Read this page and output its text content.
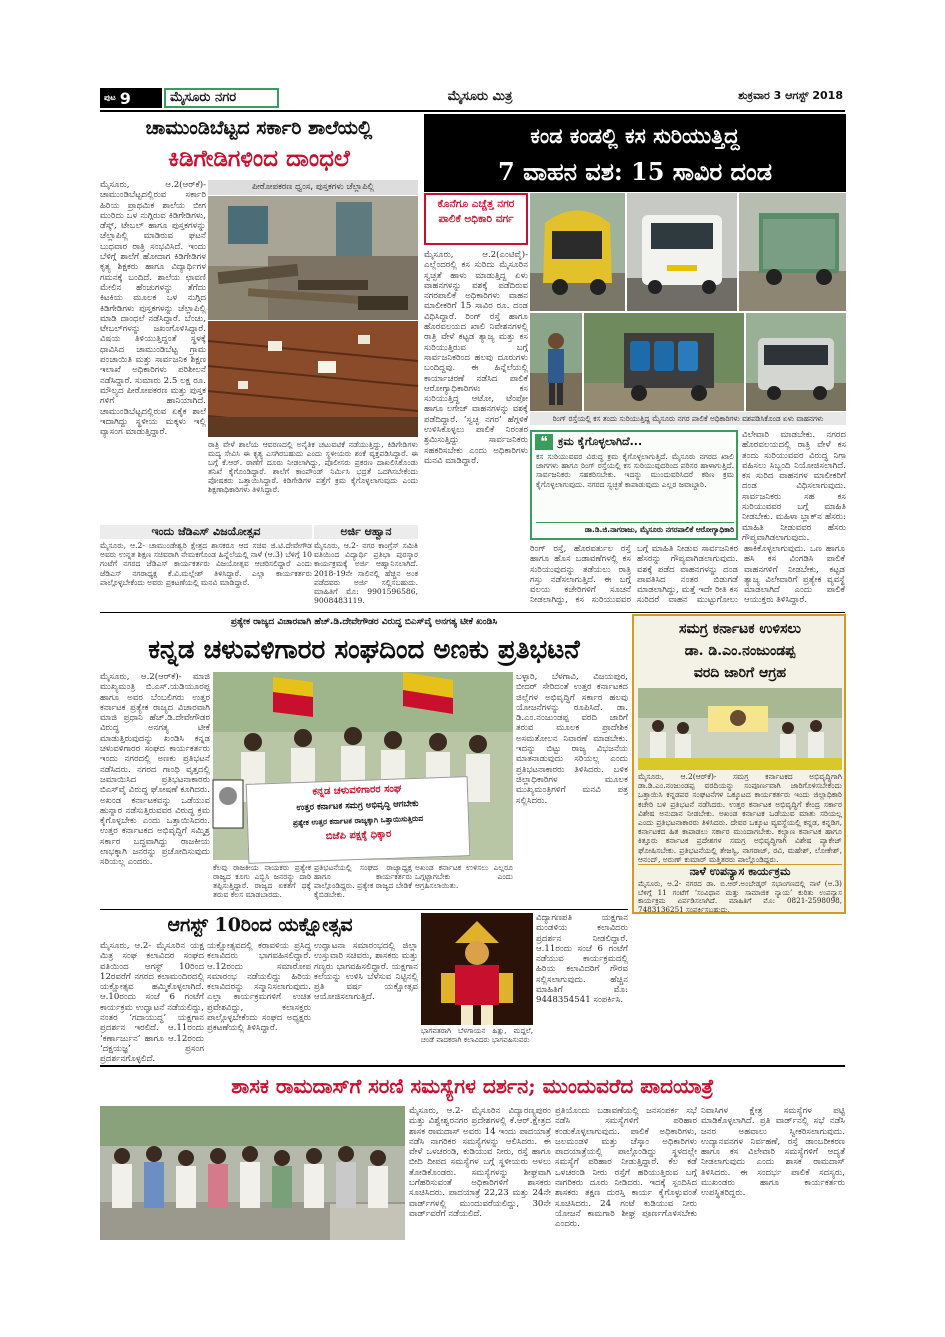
ಪುಟ 9	ಮೈಸೂರು ನಗರ	ಮೈಸೂರು ಮಿತ್ರ	ಶುಕ್ರವಾರ 3 ಆಗಸ್ಟ್ 2018
ಚಾಮುಂಡಿಬೆಟ್ಟದ ಸರ್ಕಾರಿ ಶಾಲೆಯಲ್ಲಿ
ಕಿಡಿಗೇಡಿಗಳಿಂದ ದಾಂಧಲೆ
ಮೈಸೂರು, ಆ.2(ಆರ್‌ಕೆ)- ಚಾಮುಂಡಿಬೆಟ್ಟದಲ್ಲಿರುವ ಸರ್ಕಾರಿ ಹಿರಿಯ ಪ್ರಾಥಮಿಕ ಶಾಲೆಯ ಬೀಗ ಮುರಿದು ಒಳ ನುಗ್ಗಿರುವ ಕಿಡಿಗೇಡಿಗಳು, ಡೆಸ್ಕ್‌, ಟೇಬಲ್ ಹಾಗೂ ಪುಸ್ತಕಗಳನ್ನು ಚೆಲ್ಲಾಪಿಲ್ಲಿ ಮಾಡಿರುವ ಘಟನೆ ಬುಧವಾರ ರಾತ್ರಿ ಸಂಭವಿಸಿದೆ. ಇಂದು ಬೆಳಿಗ್ಗೆ ಶಾಲೆಗೆ ಹೋದಾಗ ಕಿಡಿಗೇಡಿಗಳ ಕೃತ್ಯ ಶಿಕ್ಷಕರು ಹಾಗೂ ವಿದ್ಯಾರ್ಥಿಗಳ ಗಮನಕ್ಕೆ ಬಂದಿದೆ. ಶಾಲೆಯ ಛಾವಣಿ ಮೇಲಿನ ಹೆಂಚುಗಳನ್ನು ತೆಗೆದು ಕಿಟಕಿಯ ಮೂಲಕ ಒಳ ನುಗ್ಗಿದ ಕಿಡಿಗೇಡಿಗಳು ಪುಸ್ತಕಗಳನ್ನು ಚೆಲ್ಲಾಪಿಲ್ಲಿ ಮಾಡಿ ದಾಂಧಲೆ ನಡೆಸಿದ್ದಾರೆ. ಬೆಂಚು, ಟೇಬಲ್‌ಗಳನ್ನು ಜಖಂಗೊಳಿಸಿದ್ದಾರೆ. ವಿಷಯ ತಿಳಿಯುತ್ತಿದ್ದಂತೆ ಸ್ಥಳಕ್ಕೆ ಧಾವಿಸಿದ ಚಾಮುಂಡಿಬೆಟ್ಟ ಗ್ರಾಮ ಪಂಚಾಯಿತಿ ಮತ್ತು ಸಾರ್ವಜನಿಕ ಶಿಕ್ಷಣ ಇಲಾಖೆ ಅಧಿಕಾರಿಗಳು ಪರಿಶೀಲನೆ ನಡೆಸಿದ್ದಾರೆ. ಸುಮಾರು 2.5 ಲಕ್ಷ ರೂ. ಮೌಲ್ಯದ ಪೀಠೋಪಕರಣ ಮತ್ತು ಪುಸ್ತಕ ಗಳಿಗೆ ಹಾನಿಯಾಗಿದೆ. ಚಾಮುಂಡಿಬೆಟ್ಟದಲ್ಲಿರುವ ಏಕೈಕ ಶಾಲೆ ಇದಾಗಿದ್ದು ಸ್ಥಳೀಯ ಮಕ್ಕಳು ಇಲ್ಲಿ ವ್ಯಾಸಂಗ ಮಾಡುತ್ತಿದ್ದಾರೆ.
ಪೀಠೋಪಕರಣ ಧ್ವಂಸ, ಪುಸ್ತಕಗಳು ಚೆಲ್ಲಾಪಿಲ್ಲಿ
ರಾತ್ರಿ ವೇಳೆ ಶಾಲೆಯ ಆವರಣದಲ್ಲಿ ಅನೈತಿಕ ಚಟುವಟಿಕೆ ನಡೆಯುತ್ತಿದ್ದು, ಕಿಡಿಗೇಡಿಗಳು ಮದ್ಯ ಸೇವಿಸಿ ಈ ಕೃತ್ಯ ಎಸಗಿರಬಹುದು ಎಂದು ಸ್ಥಳೀಯರು ಶಂಕೆ ವ್ಯಕ್ತಪಡಿಸಿದ್ದಾರೆ. ಈ ಬಗ್ಗೆ ಕೆ.ಆರ್. ಠಾಣೆಗೆ ದೂರು ನೀಡಲಾಗಿದ್ದು, ಪೊಲೀಸರು ಪ್ರಕರಣ ದಾಖಲಿಸಿಕೊಂಡು ತನಿಖೆ ಕೈಗೊಂಡಿದ್ದಾರೆ. ಶಾಲೆಗೆ ಕಾಂಪೌಂಡ್ ನಿರ್ಮಿಸಿ ಭದ್ರತೆ ಒದಗಿಸಬೇಕೆಂದು ಪೋಷಕರು ಒತ್ತಾಯಿಸಿದ್ದಾರೆ. ಕಿಡಿಗೇಡಿಗಳ ಪತ್ತೆಗೆ ಕ್ರಮ ಕೈಗೊಳ್ಳಲಾಗುವುದು ಎಂದು ಶಿಕ್ಷಣಾಧಿಕಾರಿಗಳು ತಿಳಿಸಿದ್ದಾರೆ.
ಕಂಡ ಕಂಡಲ್ಲಿ ಕಸ ಸುರಿಯುತ್ತಿದ್ದ
7 ವಾಹನ ವಶ: 15 ಸಾವಿರ ದಂಡ
ಕೊನೆಗೂ ಎಚ್ಚೆತ್ತ ನಗರ ಪಾಲಿಕೆ ಅಧಿಕಾರಿ ವರ್ಗ
ಮೈಸೂರು, ಆ.2(ಎಂಟಿವೈ)- ಎಲ್ಲೆಂದರಲ್ಲಿ ಕಸ ಸುರಿದು ಮೈಸೂರಿನ ಸ್ವಚ್ಛತೆ ಹಾಳು ಮಾಡುತ್ತಿದ್ದ ಏಳು ವಾಹನಗಳನ್ನು ವಶಕ್ಕೆ ಪಡೆದಿರುವ ನಗರಪಾಲಿಕೆ ಅಧಿಕಾರಿಗಳು ವಾಹನ ಮಾಲೀಕರಿಗೆ 15 ಸಾವಿರ ರೂ. ದಂಡ ವಿಧಿಸಿದ್ದಾರೆ. ರಿಂಗ್ ರಸ್ತೆ ಹಾಗೂ ಹೊರವಲಯದ ಖಾಲಿ ನಿವೇಶನಗಳಲ್ಲಿ ರಾತ್ರಿ ವೇಳೆ ಕಟ್ಟಡ ತ್ಯಾಜ್ಯ ಮತ್ತು ಕಸ ಸುರಿಯುತ್ತಿರುವ ಬಗ್ಗೆ ಸಾರ್ವಜನಿಕರಿಂದ ಹಲವು ದೂರುಗಳು ಬಂದಿದ್ದವು. ಈ ಹಿನ್ನೆಲೆಯಲ್ಲಿ ಕಾರ್ಯಾಚರಣೆ ನಡೆಸಿದ ಪಾಲಿಕೆ ಆರೋಗ್ಯಾಧಿಕಾರಿಗಳು ಕಸ ಸುರಿಯುತ್ತಿದ್ದ ಆಟೋ, ಟೆಂಪೋ ಹಾಗೂ ಲಗೇಜ್ ವಾಹನಗಳನ್ನು ವಶಕ್ಕೆ ಪಡೆದಿದ್ದಾರೆ. ‘ಸ್ವಚ್ಛ ನಗರ’ ಹೆಗ್ಗಳಿಕೆ ಉಳಿಸಿಕೊಳ್ಳಲು ಪಾಲಿಕೆ ನಿರಂತರ ಶ್ರಮಿಸುತ್ತಿದ್ದು ಸಾರ್ವಜನಿಕರು ಸಹಕರಿಸಬೇಕು ಎಂದು ಅಧಿಕಾರಿಗಳು ಮನವಿ ಮಾಡಿದ್ದಾರೆ.
ರಿಂಗ್ ರಸ್ತೆಯಲ್ಲಿ ಕಸ ತಂದು ಸುರಿಯುತ್ತಿದ್ದ ಮೈಸೂರು ನಗರ ಪಾಲಿಕೆ ಅಧಿಕಾರಿಗಳು ವಶಪಡಿಸಿಕೊಂಡ ಏಳು ವಾಹನಗಳು
❝ ಕ್ರಮ ಕೈಗೊಳ್ಳಲಾಗಿದೆ...
ಕಸ ಸುರಿಯುವವರ ವಿರುದ್ಧ ಕ್ರಮ ಕೈಗೊಳ್ಳಲಾಗುತ್ತಿದೆ. ಮೈಸೂರು ನಗರದ ಖಾಲಿ ಜಾಗಗಳು ಹಾಗೂ ರಿಂಗ್ ರಸ್ತೆಯಲ್ಲಿ ಕಸ ಸುರಿಯುವುದರಿಂದ ಪರಿಸರ ಹಾಳಾಗುತ್ತಿದೆ. ಸಾರ್ವಜನಿಕರು ಸಹಕರಿಸಬೇಕು. ಇದನ್ನು ಮುಂದುವರಿಸಿದರೆ ಕಠಿಣ ಕ್ರಮ ಕೈಗೊಳ್ಳಲಾಗುವುದು. ನಗರದ ಸ್ವಚ್ಛತೆ ಕಾಪಾಡುವುದು ಎಲ್ಲರ ಜವಾಬ್ದಾರಿ.
ಡಾ.ಡಿ.ಜಿ.ನಾಗರಾಜು, ಮೈಸೂರು ನಗರಪಾಲಿಕೆ ಆರೋಗ್ಯಾಧಿಕಾರಿ
ವಿಲೇವಾರಿ ಮಾಡಬೇಕು. ನಗರದ ಹೊರವಲಯದಲ್ಲಿ ರಾತ್ರಿ ವೇಳೆ ಕಸ ತಂದು ಸುರಿಯುವವರ ವಿರುದ್ಧ ನಿಗಾ ವಹಿಸಲು ಸಿಬ್ಬಂದಿ ನಿಯೋಜಿಸಲಾಗಿದೆ. ಕಸ ಸುರಿದ ವಾಹನಗಳ ಮಾಲೀಕರಿಗೆ ದಂಡ ವಿಧಿಸಲಾಗುವುದು. ಸಾರ್ವಜನಿಕರು ಸಹ ಕಸ ಸುರಿಯುವವರ ಬಗ್ಗೆ ಮಾಹಿತಿ ನೀಡಬೇಕು. ಮಹಿಳಾ ಬ್ಲಾಕ್‌ನ ಹೆಸರು: ಮಾಹಿತಿ ನೀಡುವವರ ಹೆಸರು ಗೌಪ್ಯವಾಗಿಡಲಾಗುವುದು.
ರಿಂಗ್ ರಸ್ತೆ, ಹೊರವರ್ತುಲ ರಸ್ತೆ ಹಾಗೂ ಹೊಸ ಬಡಾವಣೆಗಳಲ್ಲಿ ಕಸ ಸುರಿಯುವುದನ್ನು ತಡೆಯಲು ರಾತ್ರಿ ಗಸ್ತು ನಡೆಸಲಾಗುತ್ತಿದೆ. ಈ ಬಗ್ಗೆ ವಲಯ ಕಚೇರಿಗಳಿಗೆ ಸೂಚನೆ ನೀಡಲಾಗಿದ್ದು, ಕಸ ಸುರಿಯುವವರ ಬಗ್ಗೆ ಮಾಹಿತಿ ನೀಡುವ ಸಾರ್ವಜನಿಕರ ಹೆಸರನ್ನು ಗೌಪ್ಯವಾಗಿಡಲಾಗುವುದು. ವಶಕ್ಕೆ ಪಡೆದ ವಾಹನಗಳನ್ನು ದಂಡ ಪಾವತಿಸಿದ ನಂತರ ಬಿಡುಗಡೆ ಮಾಡಲಾಗಿದ್ದು, ಮತ್ತೆ ಇದೇ ರೀತಿ ಕಸ ಸುರಿದರೆ ವಾಹನ ಮುಟ್ಟುಗೋಲು ಹಾಕಿಕೊಳ್ಳಲಾಗುವುದು. ಒಣ ಹಾಗೂ ಹಸಿ ಕಸ ವಿಂಗಡಿಸಿ ಪಾಲಿಕೆ ವಾಹನಗಳಿಗೆ ನೀಡಬೇಕು, ಕಟ್ಟಡ ತ್ಯಾಜ್ಯ ವಿಲೇವಾರಿಗೆ ಪ್ರತ್ಯೇಕ ವ್ಯವಸ್ಥೆ ಮಾಡಲಾಗಿದೆ ಎಂದು ಪಾಲಿಕೆ ಆಯುಕ್ತರು ತಿಳಿಸಿದ್ದಾರೆ.
ಇಂದು ಜೆಡಿಎಸ್ ವಿಜಯೋತ್ಸವ
ಮೈಸೂರು, ಆ.2- ಚಾಮುಂಡೇಶ್ವರಿ ಕ್ಷೇತ್ರದ ಶಾಸಕರೂ ಆದ ಸಚಿವ ಜಿ.ಟಿ.ದೇವೇಗೌಡ ಅವರು ಉನ್ನತ ಶಿಕ್ಷಣ ಸಚಿವರಾಗಿ ನೇಮಕಗೊಂಡ ಹಿನ್ನೆಲೆಯಲ್ಲಿ ನಾಳೆ (ಆ.3) ಬೆಳಿಗ್ಗೆ 10 ಗಂಟೆಗೆ ನಗರದ ಜೆಡಿಎಸ್ ಕಾರ್ಯಕರ್ತರು ವಿಜಯೋತ್ಸವ ಆಚರಿಸಲಿದ್ದಾರೆ ಎಂದು ಜೆಡಿಎಸ್ ನಗರಾಧ್ಯಕ್ಷ ಕೆ.ವಿ.ಮಲ್ಲೇಶ್ ತಿಳಿಸಿದ್ದಾರೆ. ಎಲ್ಲಾ ಕಾರ್ಯಕರ್ತರು ಪಾಲ್ಗೊಳ್ಳಬೇಕೆಂದು ಅವರು ಪ್ರಕಟಣೆಯಲ್ಲಿ ಮನವಿ ಮಾಡಿದ್ದಾರೆ.
ಅರ್ಜಿ ಆಹ್ವಾನ
ಮೈಸೂರು, ಆ.2- ನಗರ ಕಾಂಗ್ರೆಸ್ ಸಮಿತಿ ವತಿಯಿಂದ ವಿದ್ಯಾರ್ಥಿ ಪ್ರತಿಭಾ ಪುರಸ್ಕಾರ ಕಾರ್ಯಕ್ರಮಕ್ಕೆ ಅರ್ಜಿ ಆಹ್ವಾನಿಸಲಾಗಿದೆ. 2018-19ನೇ ಸಾಲಿನಲ್ಲಿ ಹೆಚ್ಚಿನ ಅಂಕ ಪಡೆದವರು ಅರ್ಜಿ ಸಲ್ಲಿಸಬಹುದು. ಮಾಹಿತಿಗೆ ಮೊ: 9901596586, 9008483119.
ಪ್ರತ್ಯೇಕ ರಾಜ್ಯದ ವಿಚಾರವಾಗಿ ಹೆಚ್.ಡಿ.ದೇವೇಗೌಡರ ವಿರುದ್ಧ ಬಿಎಸ್‌ವೈ ಅನಗತ್ಯ ಟೀಕೆ ಖಂಡಿಸಿ
ಕನ್ನಡ ಚಳುವಳಿಗಾರರ ಸಂಘದಿಂದ ಅಣಕು ಪ್ರತಿಭಟನೆ
ಮೈಸೂರು, ಆ.2(ಆರ್‌ಕೆ)- ಮಾಜಿ ಮುಖ್ಯಮಂತ್ರಿ ಬಿ.ಎಸ್.ಯಡಿಯೂರಪ್ಪ ಹಾಗೂ ಅವರ ಬೆಂಬಲಿಗರು ಉತ್ತರ ಕರ್ನಾಟಕ ಪ್ರತ್ಯೇಕ ರಾಜ್ಯದ ವಿಚಾರವಾಗಿ ಮಾಜಿ ಪ್ರಧಾನಿ ಹೆಚ್.ಡಿ.ದೇವೇಗೌಡರ ವಿರುದ್ಧ ಅನಗತ್ಯ ಟೀಕೆ ಮಾಡುತ್ತಿರುವುದನ್ನು ಖಂಡಿಸಿ ಕನ್ನಡ ಚಳುವಳಿಗಾರರ ಸಂಘದ ಕಾರ್ಯಕರ್ತರು ಇಂದು ನಗರದಲ್ಲಿ ಅಣಕು ಪ್ರತಿಭಟನೆ ನಡೆಸಿದರು. ನಗರದ ಗಾಂಧಿ ವೃತ್ತದಲ್ಲಿ ಜಮಾಯಿಸಿದ ಪ್ರತಿಭಟನಾಕಾರರು ಬಿಎಸ್‌ವೈ ವಿರುದ್ಧ ಘೋಷಣೆ ಕೂಗಿದರು. ಅಖಂಡ ಕರ್ನಾಟಕವನ್ನು ಒಡೆಯುವ ಹುನ್ನಾರ ನಡೆಸುತ್ತಿರುವವರ ವಿರುದ್ಧ ಕ್ರಮ ಕೈಗೊಳ್ಳಬೇಕು ಎಂದು ಒತ್ತಾಯಿಸಿದರು. ಉತ್ತರ ಕರ್ನಾಟಕದ ಅಭಿವೃದ್ಧಿಗೆ ಸಮ್ಮಿಶ್ರ ಸರ್ಕಾರ ಬದ್ಧವಾಗಿದ್ದು ರಾಜಕೀಯ ಲಾಭಕ್ಕಾಗಿ ಜನರನ್ನು ಪ್ರಚೋದಿಸುವುದು ಸರಿಯಲ್ಲ ಎಂದರು.
ಕನ್ನಡ ಚಳುವಳಿಗಾರರ ಸಂಘ
ಉತ್ತರ ಕರ್ನಾಟಕ ಸಮಗ್ರ ಅಭಿವೃದ್ಧಿ ಆಗಬೇಕು
ಪ್ರತ್ಯೇಕ ಉತ್ತರ ಕರ್ನಾಟಕ ರಾಜ್ಯಕ್ಕಾಗಿ ಒತ್ತಾಯಿಸುತ್ತಿರುವ
ಬಿಜೆಪಿ ಪಕ್ಷಕ್ಕೆ ಧಿಕ್ಕಾರ
ಕೆಲವು ರಾಜಕೀಯ ನಾಯಕರು ಪ್ರತ್ಯೇಕ ರಾಜ್ಯದ ಕೂಗು ಎಬ್ಬಿಸಿ ಜನರನ್ನು ದಾರಿ ತಪ್ಪಿಸುತ್ತಿದ್ದಾರೆ. ರಾಜ್ಯದ ಏಕತೆಗೆ ಧಕ್ಕೆ ತರುವ ಕೆಲಸ ಮಾಡಬಾರದು.
ಪ್ರತಿಭಟನೆಯಲ್ಲಿ ಸಂಘದ ರಾಜ್ಯಾಧ್ಯಕ್ಷ ಹಾಗೂ ಕಾರ್ಯಕರ್ತರು ಪಾಲ್ಗೊಂಡಿದ್ದರು. ಪ್ರತ್ಯೇಕ ರಾಜ್ಯದ ಬೇಡಿಕೆ ಕೈಬಿಡಬೇಕು.
ಅಖಂಡ ಕರ್ನಾಟಕ ಉಳಿಸಲು ಎಲ್ಲರೂ ಒಗ್ಗಟ್ಟಾಗಬೇಕು ಎಂದು ಆಗ್ರಹಿಸಲಾಯಿತು.
ಬಳ್ಳಾರಿ, ಬೆಳಗಾವಿ, ವಿಜಯಪುರ, ಬೀದರ್ ಸೇರಿದಂತೆ ಉತ್ತರ ಕರ್ನಾಟಕದ ಜಿಲ್ಲೆಗಳ ಅಭಿವೃದ್ಧಿಗೆ ಸರ್ಕಾರ ಹಲವು ಯೋಜನೆಗಳನ್ನು ರೂಪಿಸಿದೆ. ಡಾ. ಡಿ.ಎಂ.ನಂಜುಂಡಪ್ಪ ವರದಿ ಜಾರಿಗೆ ತರುವ ಮೂಲಕ ಪ್ರಾದೇಶಿಕ ಅಸಮತೋಲನ ನಿವಾರಣೆ ಮಾಡಬೇಕು. ಇದನ್ನು ಬಿಟ್ಟು ರಾಜ್ಯ ವಿಭಜನೆಯ ಮಾತನಾಡುವುದು ಸರಿಯಲ್ಲ ಎಂದು ಪ್ರತಿಭಟನಾಕಾರರು ತಿಳಿಸಿದರು. ಬಳಿಕ ಜಿಲ್ಲಾಧಿಕಾರಿಗಳ ಮೂಲಕ ಮುಖ್ಯಮಂತ್ರಿಗಳಿಗೆ ಮನವಿ ಪತ್ರ ಸಲ್ಲಿಸಿದರು.
ಸಮಗ್ರ ಕರ್ನಾಟಕ ಉಳಿಸಲು
ಡಾ. ಡಿ.ಎಂ.ನಂಜುಂಡಪ್ಪ
ವರದಿ ಜಾರಿಗೆ ಆಗ್ರಹ
ಮೈಸೂರು, ಆ.2(ಆರ್‌ಕೆ)- ಸಮಗ್ರ ಕರ್ನಾಟಕದ ಅಭಿವೃದ್ಧಿಗಾಗಿ ಡಾ.ಡಿ.ಎಂ.ನಂಜುಂಡಪ್ಪ ವರದಿಯನ್ನು ಸಂಪೂರ್ಣವಾಗಿ ಜಾರಿಗೊಳಿಸಬೇಕೆಂದು ಒತ್ತಾಯಿಸಿ ಕನ್ನಡಪರ ಸಂಘಟನೆಗಳ ಒಕ್ಕೂಟದ ಕಾರ್ಯಕರ್ತರು ಇಂದು ಜಿಲ್ಲಾಧಿಕಾರಿ ಕಚೇರಿ ಬಳಿ ಪ್ರತಿಭಟನೆ ನಡೆಸಿದರು. ಉತ್ತರ ಕರ್ನಾಟಕ ಅಭಿವೃದ್ಧಿಗೆ ಕೇಂದ್ರ ಸರ್ಕಾರ ವಿಶೇಷ ಅನುದಾನ ನೀಡಬೇಕು. ಅಖಂಡ ಕರ್ನಾಟಕ ಒಡೆಯುವ ಮಾತು ಸರಿಯಲ್ಲ ಎಂದು ಪ್ರತಿಭಟನಾಕಾರರು ತಿಳಿಸಿದರು. ದೇವರ ಒಕ್ಕೂಟ ವ್ಯವಸ್ಥೆಯಲ್ಲಿ ಕನ್ನಡ, ಕನ್ನಡಿಗ, ಕರ್ನಾಟಕದ ಹಿತ ಕಾಪಾಡಲು ಸರ್ಕಾರ ಮುಂದಾಗಬೇಕು. ಕಲ್ಯಾಣ ಕರ್ನಾಟಕ ಹಾಗೂ ಕಿತ್ತೂರು ಕರ್ನಾಟಕ ಪ್ರದೇಶಗಳ ಸಮಗ್ರ ಅಭಿವೃದ್ಧಿಗಾಗಿ ವಿಶೇಷ ಪ್ಯಾಕೇಜ್ ಘೋಷಿಸಬೇಕು. ಪ್ರತಿಭಟನೆಯಲ್ಲಿ ತೇಜಸ್ವಿ, ನಾಗರಾಜ್, ರವಿ, ಮಹೇಶ್, ಲೋಕೇಶ್, ಆನಂದ್, ಅರುಣ್ ಕುಮಾರ್ ಮತ್ತಿತರರು ಪಾಲ್ಗೊಂಡಿದ್ದರು.
ನಾಳೆ ಉಪನ್ಯಾಸ ಕಾರ್ಯಕ್ರಮ
ಮೈಸೂರು, ಆ.2- ನಗರದ ಡಾ. ಬಿ.ಆರ್.ಅಂಬೇಡ್ಕರ್ ಸಭಾಂಗಣದಲ್ಲಿ ನಾಳೆ (ಆ.3) ಬೆಳಿಗ್ಗೆ 11 ಗಂಟೆಗೆ ‘ಸಂವಿಧಾನ ಮತ್ತು ಸಾಮಾಜಿಕ ನ್ಯಾಯ’ ಕುರಿತು ಉಪನ್ಯಾಸ ಕಾರ್ಯಕ್ರಮ ಏರ್ಪಡಿಸಲಾಗಿದೆ. ಮಾಹಿತಿಗೆ ಮೊ: 0821-2598098, 7483136251 ಸಂಪರ್ಕಿಸಬಹುದು.
ಆಗಸ್ಟ್ 10ರಿಂದ ಯಕ್ಷೋತ್ಸವ
ಮೈಸೂರು, ಆ.2- ಮೈಸೂರಿನ ಯಕ್ಷ ಮಿತ್ರ ಸಂಘ ಕಲಾವಿದರ ಸಂಘದ ವತಿಯಿಂದ ಆಗಸ್ಟ್ 10ರಿಂದ 12ರವರೆಗೆ ನಗರದ ಕಲಾಮಂದಿರದಲ್ಲಿ ಯಕ್ಷೋತ್ಸವ ಹಮ್ಮಿಕೊಳ್ಳಲಾಗಿದೆ. ಆ.10ರಂದು ಸಂಜೆ 6 ಗಂಟೆಗೆ ಕಾರ್ಯಕ್ರಮ ಉದ್ಘಾಟನೆ ನಡೆಯಲಿದ್ದು, ನಂತರ ‘ಗದಾಯುದ್ಧ’ ಯಕ್ಷಗಾನ ಪ್ರದರ್ಶನ ಇರಲಿದೆ. ಆ.11ರಂದು ‘ಕರ್ಣಾರ್ಜುನ’ ಹಾಗೂ ಆ.12ರಂದು ‘ದಕ್ಷಯಜ್ಞ’ ಪ್ರಸಂಗ ಪ್ರದರ್ಶನಗೊಳ್ಳಲಿದೆ.
ಯಕ್ಷೋತ್ಸವದಲ್ಲಿ ಕರಾವಳಿಯ ಪ್ರಸಿದ್ಧ ಕಲಾವಿದರು ಭಾಗವಹಿಸಲಿದ್ದಾರೆ. ಆ.12ರಂದು ಸಮಾರೋಪ ಸಮಾರಂಭ ನಡೆಯಲಿದ್ದು ಹಿರಿಯ ಕಲಾವಿದರನ್ನು ಸನ್ಮಾನಿಸಲಾಗುವುದು. ಎಲ್ಲಾ ಕಾರ್ಯಕ್ರಮಗಳಿಗೆ ಉಚಿತ ಪ್ರವೇಶವಿದ್ದು, ಕಲಾಸಕ್ತರು ಪಾಲ್ಗೊಳ್ಳಬೇಕೆಂದು ಸಂಘದ ಅಧ್ಯಕ್ಷರು ಪ್ರಕಟಣೆಯಲ್ಲಿ ತಿಳಿಸಿದ್ದಾರೆ.
ಉದ್ಘಾಟನಾ ಸಮಾರಂಭದಲ್ಲಿ ಜಿಲ್ಲಾ ಉಸ್ತುವಾರಿ ಸಚಿವರು, ಶಾಸಕರು ಮತ್ತು ಗಣ್ಯರು ಭಾಗವಹಿಸಲಿದ್ದಾರೆ. ಯಕ್ಷಗಾನ ಕಲೆಯನ್ನು ಉಳಿಸಿ ಬೆಳೆಸುವ ನಿಟ್ಟಿನಲ್ಲಿ ಪ್ರತಿ ವರ್ಷ ಯಕ್ಷೋತ್ಸವ ಆಯೋಜಿಸಲಾಗುತ್ತಿದೆ.
ಭಾಗವತರಾಗಿ ಬೆಳಗಾಯನ ಹಿತ್ಲು, ಮದ್ದಲೆ, ಚಂಡೆ ವಾದಕರಾಗಿ ಕಲಾವಿದರು ಭಾಗವಹಿಸುವರು
ವಿದ್ಯಾಗಣಪತಿ ಯಕ್ಷಗಾನ ಮಂಡಳಿಯ ಕಲಾವಿದರು ಪ್ರದರ್ಶನ ನೀಡಲಿದ್ದಾರೆ. ಆ.11ರಂದು ಸಂಜೆ 6 ಗಂಟೆಗೆ ನಡೆಯುವ ಕಾರ್ಯಕ್ರಮದಲ್ಲಿ ಹಿರಿಯ ಕಲಾವಿದರಿಗೆ ಗೌರವ ಸಲ್ಲಿಸಲಾಗುವುದು. ಹೆಚ್ಚಿನ ಮಾಹಿತಿಗೆ ಮೊ: 9448354541 ಸಂಪರ್ಕಿಸಿ.
ಶಾಸಕ ರಾಮದಾಸ್‌ಗೆ ಸರಣಿ ಸಮಸ್ಯೆಗಳ ದರ್ಶನ; ಮುಂದುವರೆದ ಪಾದಯಾತ್ರೆ
ಮೈಸೂರು, ಆ.2- ಮೈಸೂರಿನ ವಿದ್ಯಾರಣ್ಯಪುರಂ ಮತ್ತು ವಿಶ್ವೇಶ್ವರನಗರ ಪ್ರದೇಶಗಳಲ್ಲಿ ಕೆ.ಆರ್.ಕ್ಷೇತ್ರದ ಶಾಸಕ ರಾಮದಾಸ್ ಅವರು 14 ಇಂದು ಪಾದಯಾತ್ರೆ ನಡೆಸಿ ನಾಗರಿಕರ ಸಮಸ್ಯೆಗಳನ್ನು ಆಲಿಸಿದರು. ಈ ವೇಳೆ ಒಳಚರಂಡಿ, ಕುಡಿಯುವ ನೀರು, ರಸ್ತೆ ಹಾಗೂ ಬೀದಿ ದೀಪದ ಸಮಸ್ಯೆಗಳ ಬಗ್ಗೆ ಸ್ಥಳೀಯರು ಅಳಲು ತೋಡಿಕೊಂಡರು. ಸಮಸ್ಯೆಗಳನ್ನು ಶೀಘ್ರವಾಗಿ ಬಗೆಹರಿಸುವಂತೆ ಅಧಿಕಾರಿಗಳಿಗೆ ಶಾಸಕರು ಸೂಚಿಸಿದರು. ಪಾದಯಾತ್ರೆ 22,23 ಮತ್ತು 24ನೇ ವಾರ್ಡ್‌ಗಳಲ್ಲಿ ಮುಂದುವರೆಯಲಿದ್ದು, 30ನೇ ವಾರ್ಡ್‌ವರೆಗೆ ನಡೆಯಲಿದೆ.
ಪ್ರತಿಯೊಂದು ಬಡಾವಣೆಯಲ್ಲಿ ಜನಸಂಪರ್ಕ ಸಭೆ ನಡೆಸಿ ಸಮಸ್ಯೆಗಳಿಗೆ ಪರಿಹಾರ ಕಂಡುಕೊಳ್ಳಲಾಗುವುದು. ಪಾಲಿಕೆ ಅಧಿಕಾರಿಗಳು, ಜಲಮಂಡಳಿ ಮತ್ತು ಚೆಸ್ಕಾಂ ಅಧಿಕಾರಿಗಳು ಪಾದಯಾತ್ರೆಯಲ್ಲಿ ಪಾಲ್ಗೊಂಡಿದ್ದು ಸ್ಥಳದಲ್ಲೇ ಸಮಸ್ಯೆಗೆ ಪರಿಹಾರ ನೀಡುತ್ತಿದ್ದಾರೆ. ಕೆಲ ಕಡೆ ಒಳಚರಂಡಿ ನೀರು ರಸ್ತೆಗೆ ಹರಿಯುತ್ತಿರುವ ಬಗ್ಗೆ ನಾಗರಿಕರು ದೂರು ನೀಡಿದರು. ಇದಕ್ಕೆ ಸ್ಪಂದಿಸಿದ ಶಾಸಕರು ತಕ್ಷಣ ದುರಸ್ತಿ ಕಾರ್ಯ ಕೈಗೊಳ್ಳುವಂತೆ ಸೂಚಿಸಿದರು. 24 ಗಂಟೆ ಕುಡಿಯುವ ನೀರು ಯೋಜನೆ ಕಾಮಗಾರಿ ಶೀಘ್ರ ಪೂರ್ಣಗೊಳಿಸಬೇಕು ಎಂದರು.
ನಿವಾಸಿಗಳ ಕ್ಷೇತ್ರ ಸಮಸ್ಯೆಗಳ ಪಟ್ಟಿ ಮಾಡಿಕೊಳ್ಳಲಾಗಿದೆ. ಪ್ರತಿ ವಾರ್ಡ್‌ನಲ್ಲಿ ಸಭೆ ನಡೆಸಿ ಜನರ ಅಹವಾಲು ಸ್ವೀಕರಿಸಲಾಗುವುದು. ಉದ್ಯಾನವನಗಳ ನಿರ್ವಹಣೆ, ರಸ್ತೆ ಡಾಂಬರೀಕರಣ ಹಾಗೂ ಕಸ ವಿಲೇವಾರಿ ಸಮಸ್ಯೆಗಳಿಗೆ ಆದ್ಯತೆ ನೀಡಲಾಗುವುದು ಎಂದು ಶಾಸಕ ರಾಮದಾಸ್ ತಿಳಿಸಿದರು. ಈ ಸಂದರ್ಭ ಪಾಲಿಕೆ ಸದಸ್ಯರು, ಮುಖಂಡರು ಹಾಗೂ ಕಾರ್ಯಕರ್ತರು ಉಪಸ್ಥಿತರಿದ್ದರು.
